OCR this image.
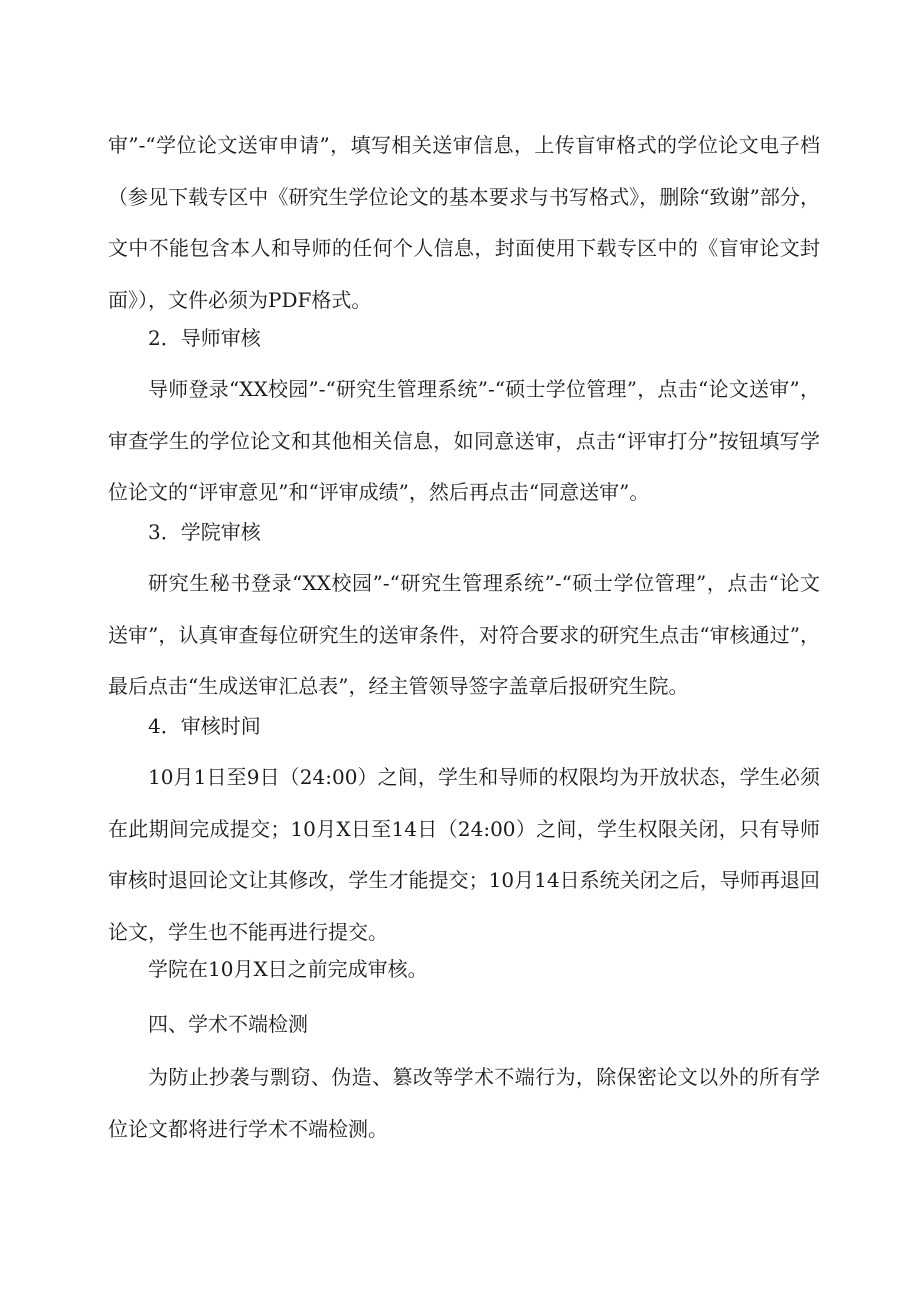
审”-“学位论文送审申请”，填写相关送审信息，上传盲审格式的学位论文电子档（参见下载专区中《研究生学位论文的基本要求与书写格式》，删除“致谢”部分，文中不能包含本人和导师的任何个人信息，封面使用下载专区中的《盲审论文封面》），文件必须为PDF格式。

2．导师审核

导师登录“XX校园”-“研究生管理系统”-“硕士学位管理”，点击“论文送审”，审查学生的学位论文和其他相关信息，如同意送审，点击“评审打分”按钮填写学位论文的“评审意见”和“评审成绩”，然后再点击“同意送审”。

3．学院审核

研究生秘书登录“XX校园”-“研究生管理系统”-“硕士学位管理”，点击“论文送审”，认真审查每位研究生的送审条件，对符合要求的研究生点击“审核通过”，最后点击“生成送审汇总表”，经主管领导签字盖章后报研究生院。

4．审核时间

10月1日至9日（24:00）之间，学生和导师的权限均为开放状态，学生必须在此期间完成提交；10月X日至14日（24:00）之间，学生权限关闭，只有导师审核时退回论文让其修改，学生才能提交；10月14日系统关闭之后，导师再退回论文，学生也不能再进行提交。

学院在10月X日之前完成审核。

四、学术不端检测

为防止抄袭与剽窃、伪造、篡改等学术不端行为，除保密论文以外的所有学位论文都将进行学术不端检测。
